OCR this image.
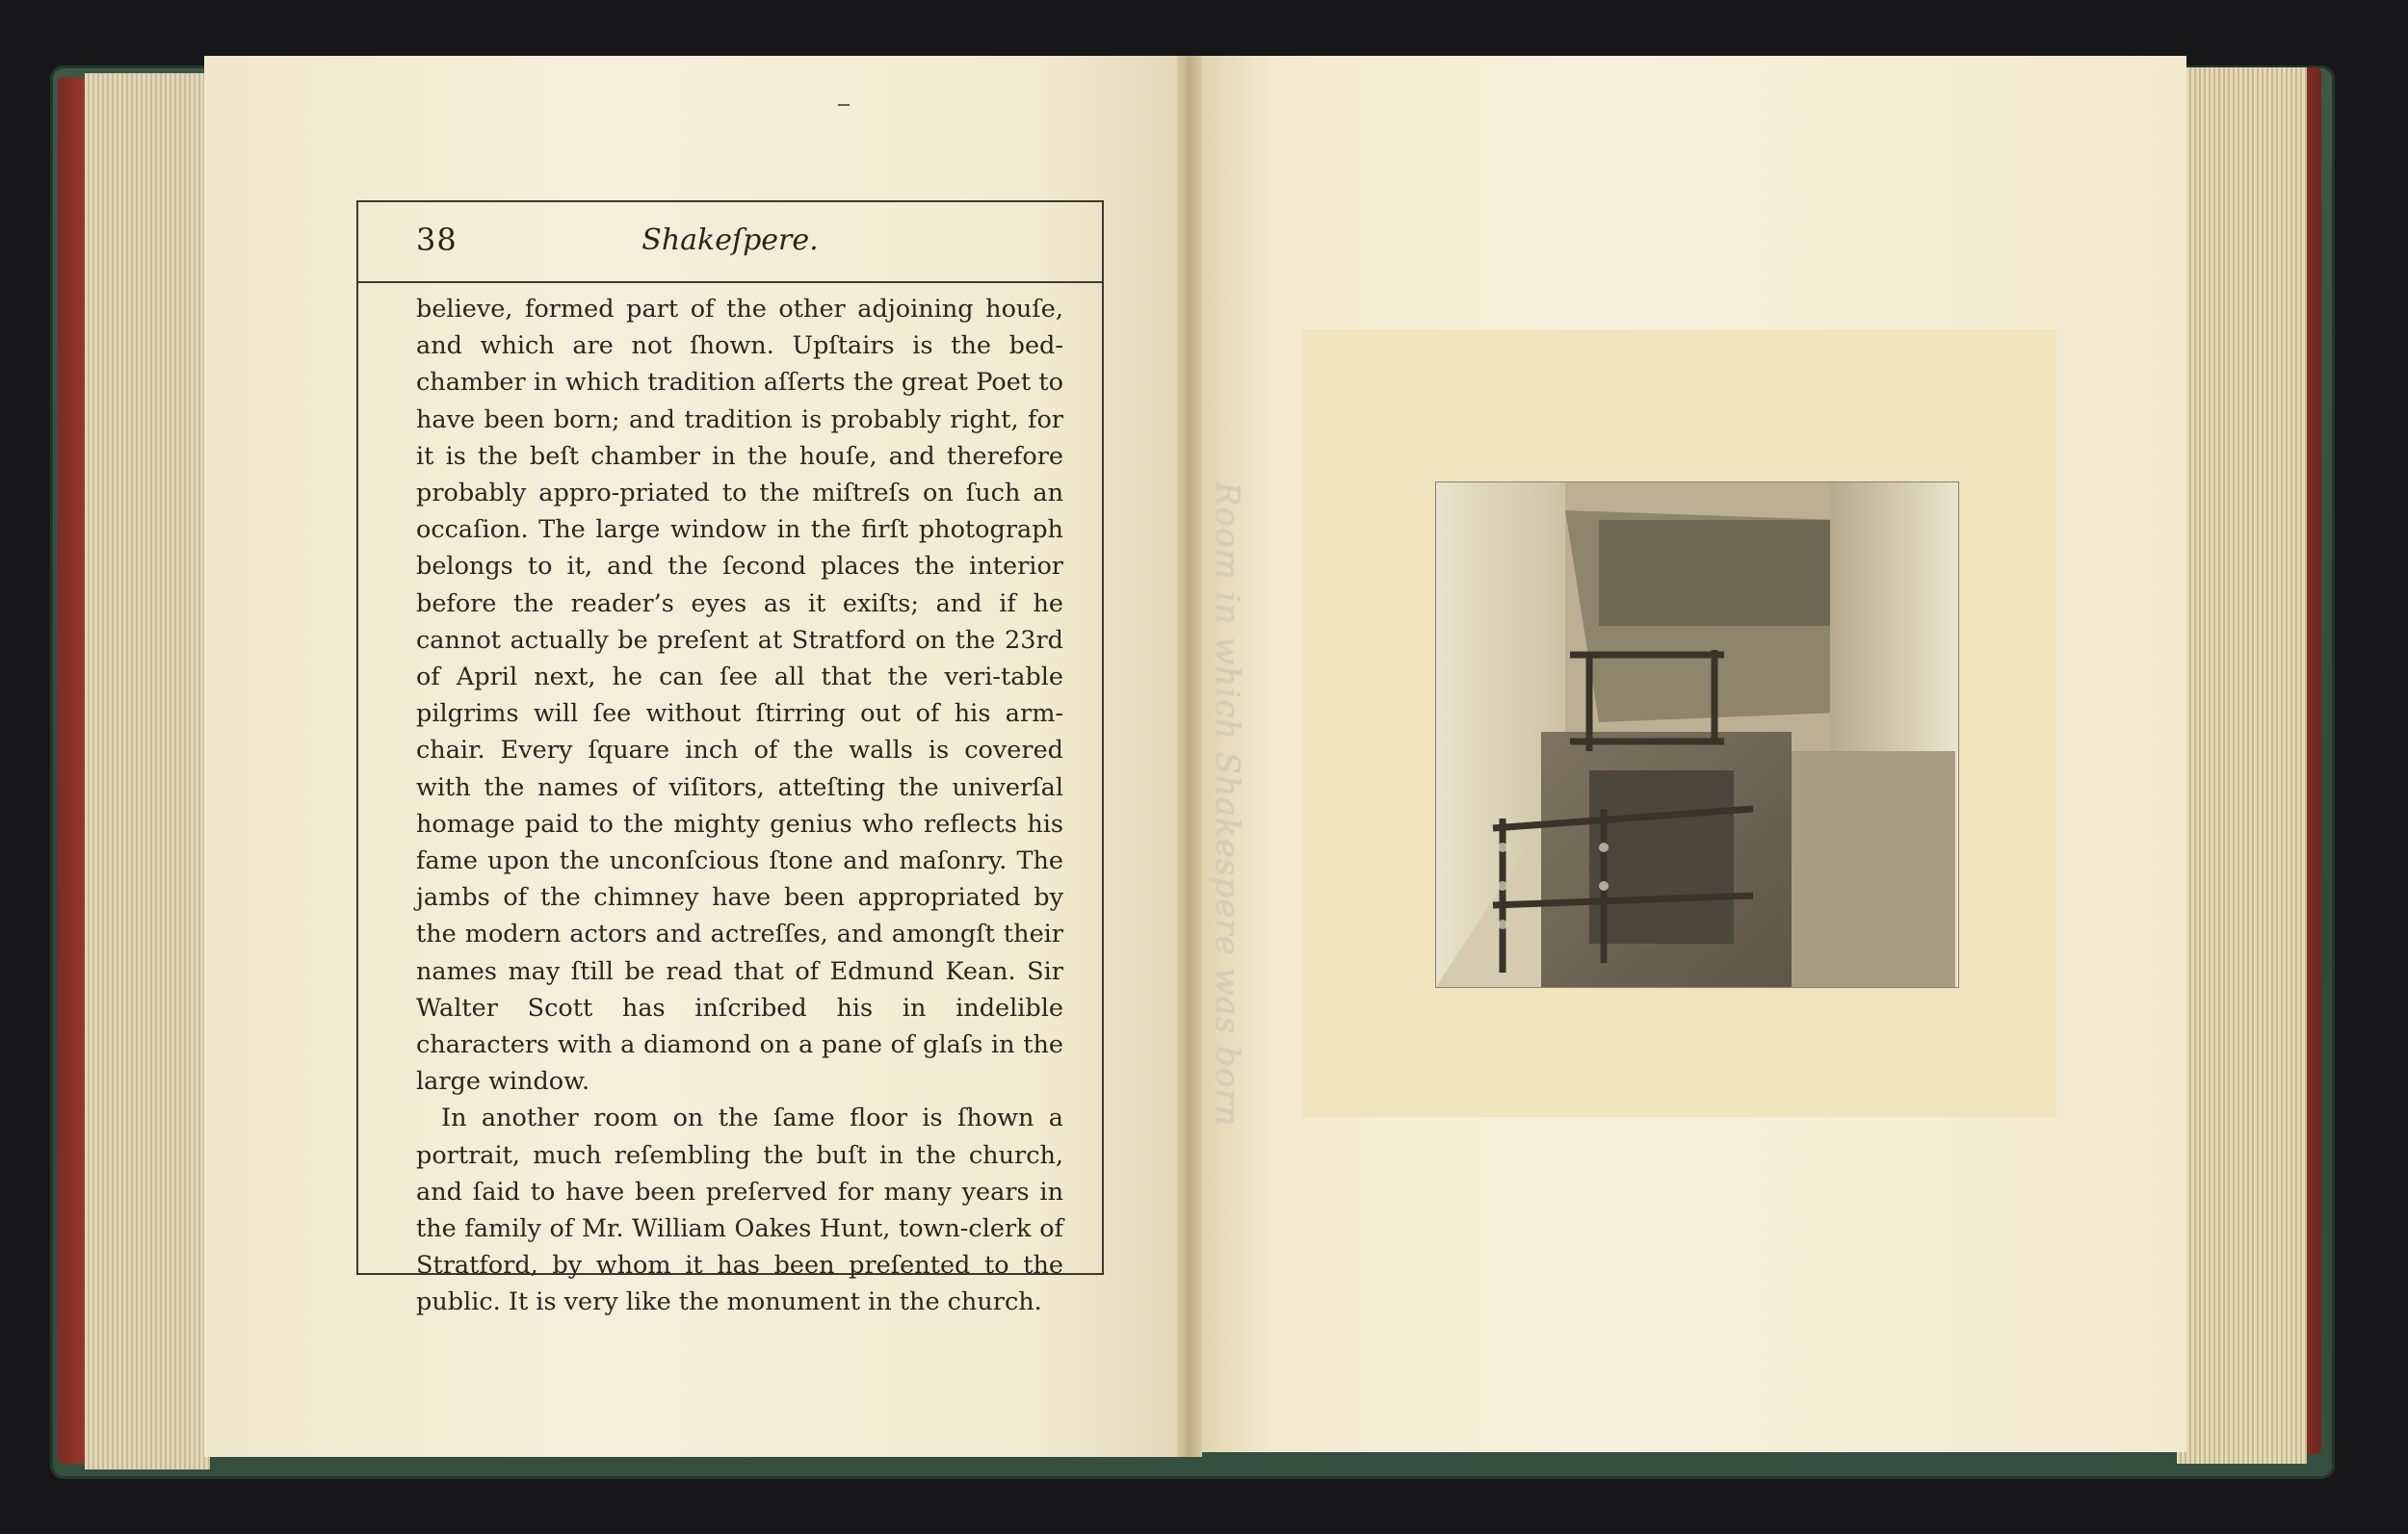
38	Shakeſpere.

believe, formed part of the other adjoining houſe, and which are not ſhown. Upſtairs is the bed-chamber in which tradition aſſerts the great Poet to have been born; and tradition is probably right, for it is the beſt chamber in the houſe, and therefore probably appro-priated to the miſtreſs on ſuch an occaſion. The large window in the firſt photograph belongs to it, and the ſecond places the interior before the reader’s eyes as it exiſts; and if he cannot actually be preſent at Stratford on the 23rd of April next, he can ſee all that the veri-table pilgrims will ſee without ſtirring out of his arm-chair. Every ſquare inch of the walls is covered with the names of viſitors, atteſting the univerſal homage paid to the mighty genius who reflects his fame upon the unconſcious ſtone and maſonry. The jambs of the chimney have been appropriated by the modern actors and actreſſes, and amongſt their names may ſtill be read that of Edmund Kean. Sir Walter Scott has inſcribed his in indelible characters with a diamond on a pane of glaſs in the large window.

In another room on the ſame floor is ſhown a portrait, much reſembling the buſt in the church, and ſaid to have been preſerved for many years in the family of Mr. William Oakes Hunt, town-clerk of Stratford, by whom it has been preſented to the public. It is very like the monument in the church.

Room in which Shakespere was born
